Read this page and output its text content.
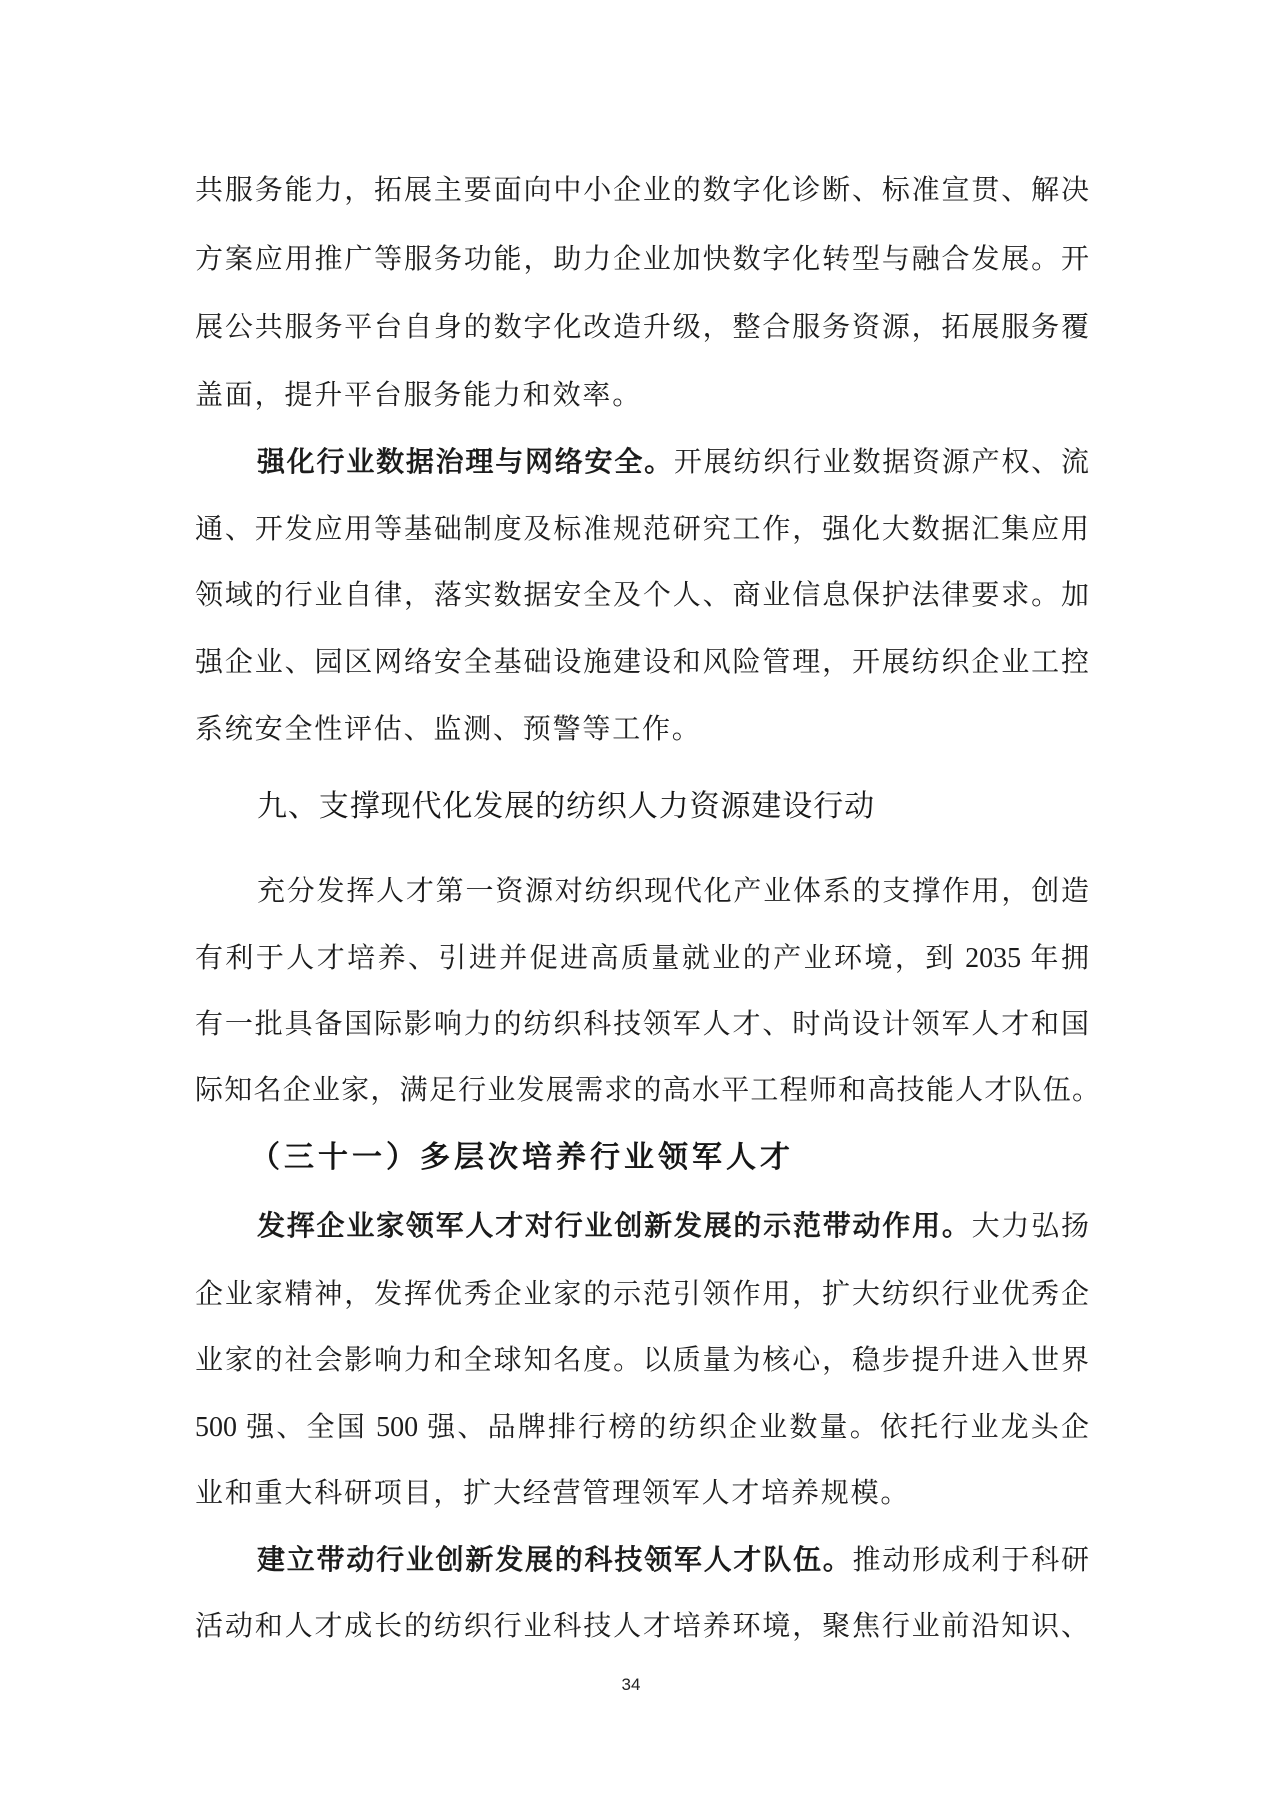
共服务能力，拓展主要面向中小企业的数字化诊断、标准宣贯、解决
方案应用推广等服务功能，助力企业加快数字化转型与融合发展。开
展公共服务平台自身的数字化改造升级，整合服务资源，拓展服务覆
盖面，提升平台服务能力和效率。
强化行业数据治理与网络安全。开展纺织行业数据资源产权、流
通、开发应用等基础制度及标准规范研究工作，强化大数据汇集应用
领域的行业自律，落实数据安全及个人、商业信息保护法律要求。加
强企业、园区网络安全基础设施建设和风险管理，开展纺织企业工控
系统安全性评估、监测、预警等工作。
九、支撑现代化发展的纺织人力资源建设行动
充分发挥人才第一资源对纺织现代化产业体系的支撑作用，创造
有利于人才培养、引进并促进高质量就业的产业环境，到 2035 年拥
有一批具备国际影响力的纺织科技领军人才、时尚设计领军人才和国
际知名企业家，满足行业发展需求的高水平工程师和高技能人才队伍。
（三十一）多层次培养行业领军人才
发挥企业家领军人才对行业创新发展的示范带动作用。大力弘扬
企业家精神，发挥优秀企业家的示范引领作用，扩大纺织行业优秀企
业家的社会影响力和全球知名度。以质量为核心，稳步提升进入世界
500 强、全国 500 强、品牌排行榜的纺织企业数量。依托行业龙头企
业和重大科研项目，扩大经营管理领军人才培养规模。
建立带动行业创新发展的科技领军人才队伍。推动形成利于科研
活动和人才成长的纺织行业科技人才培养环境，聚焦行业前沿知识、
34
